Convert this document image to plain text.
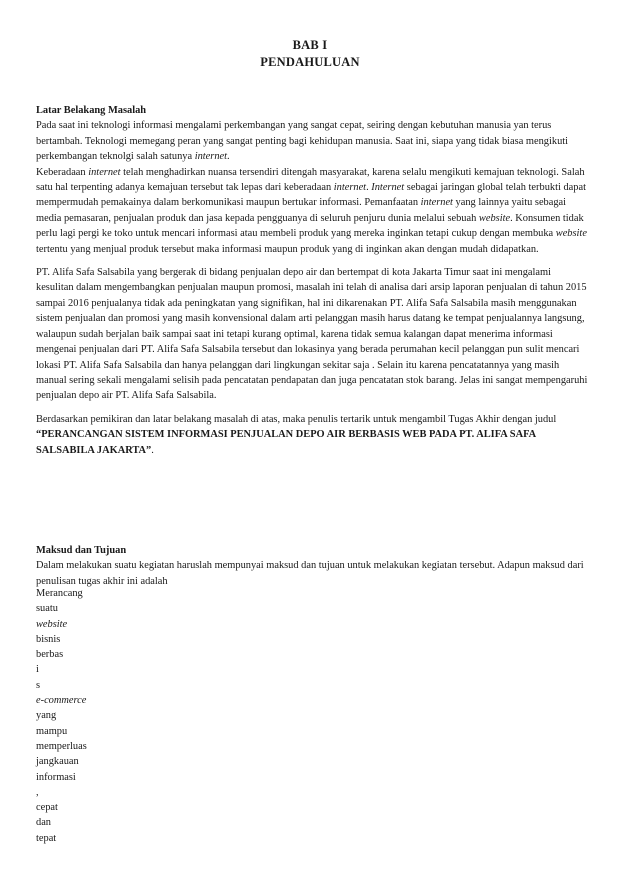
BAB I
PENDAHULUAN

Latar Belakang Masalah

Pada saat ini teknologi informasi mengalami perkembangan yang sangat cepat, seiring dengan kebutuhan manusia yan terus bertambah. Teknologi memegang peran yang sangat penting bagi kehidupan manusia. Saat ini, siapa yang tidak biasa mengikuti perkembangan teknolgi salah satunya internet.

Keberadaan internet telah menghadirkan nuansa tersendiri ditengah masyarakat, karena selalu mengikuti kemajuan teknologi. Salah satu hal terpenting adanya kemajuan tersebut tak lepas dari keberadaan internet. Internet sebagai jaringan global telah terbukti dapat mempermudah pemakainya dalam berkomunikasi maupun bertukar informasi. Pemanfaatan internet yang lainnya yaitu sebagai media pemasaran, penjualan produk dan jasa kepada pengguanya di seluruh penjuru dunia melalui sebuah website. Konsumen tidak perlu lagi pergi ke toko untuk mencari informasi atau membeli produk yang mereka inginkan tetapi cukup dengan membuka website tertentu yang menjual produk tersebut maka informasi maupun produk yang di inginkan akan dengan mudah didapatkan.

PT. Alifa Safa Salsabila yang bergerak di bidang penjualan depo air dan bertempat di kota Jakarta Timur saat ini mengalami kesulitan dalam mengembangkan penjualan maupun promosi, masalah ini telah di analisa dari arsip laporan penjualan di tahun 2015 sampai 2016 penjualanya tidak ada peningkatan yang signifikan, hal ini dikarenakan PT. Alifa Safa Salsabila masih menggunakan sistem penjualan dan promosi yang masih konvensional dalam arti pelanggan masih harus datang ke tempat penjualannya langsung, walaupun sudah berjalan baik sampai saat ini tetapi kurang optimal, karena tidak semua kalangan dapat menerima informasi mengenai penjualan dari PT. Alifa Safa Salsabila tersebut dan lokasinya yang berada perumahan kecil pelanggan pun sulit mencari lokasi PT. Alifa Safa Salsabila dan hanya pelanggan dari lingkungan sekitar saja . Selain itu karena pencatatannya yang masih manual sering sekali mengalami selisih pada pencatatan pendapatan dan juga pencatatan stok barang. Jelas ini sangat mempengaruhi penjualan depo air PT. Alifa Safa Salsabila.

Berdasarkan pemikiran dan latar belakang masalah di atas, maka penulis tertarik untuk mengambil Tugas Akhir dengan judul “PERANCANGAN SISTEM INFORMASI PENJUALAN DEPO AIR BERBASIS WEB PADA PT. ALIFA SAFA SALSABILA JAKARTA”.

Maksud dan Tujuan

Dalam melakukan suatu kegiatan haruslah mempunyai maksud dan tujuan untuk melakukan kegiatan tersebut. Adapun maksud dari penulisan tugas akhir ini adalah

Merancang
suatu
website
bisnis
berbas
i
s
e-commerce
yang
mampu
memperluas
jangkauan
informasi
,
cepat
dan
tepat
